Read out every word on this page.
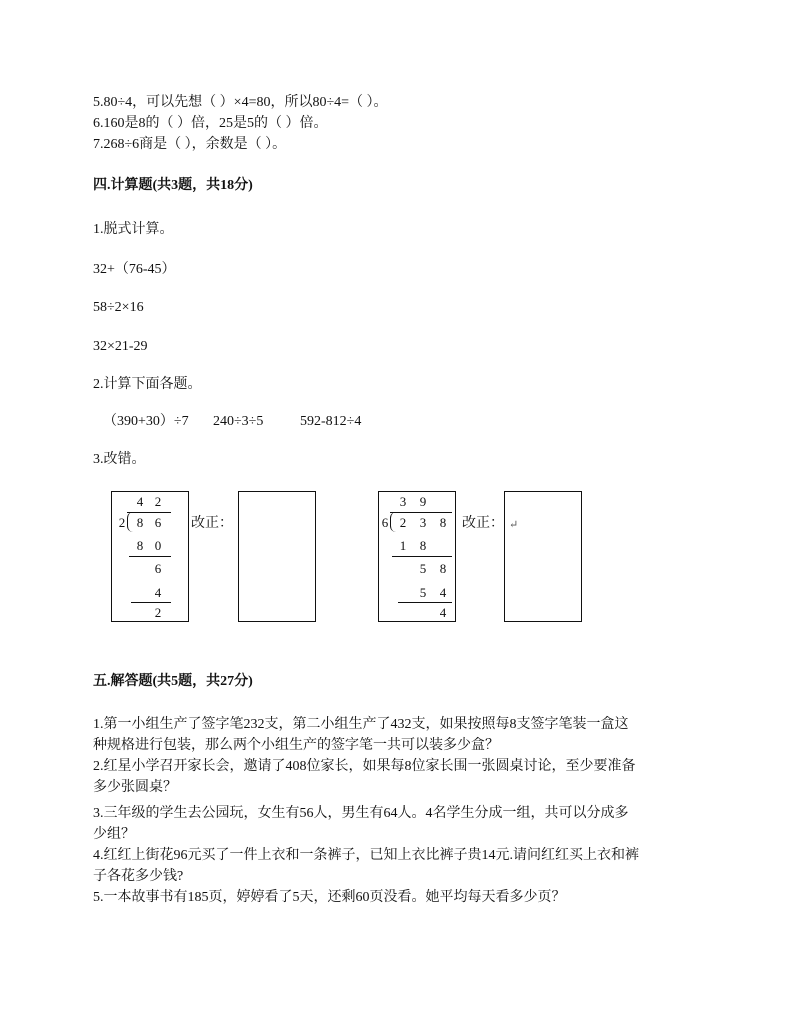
5.80÷4，可以先想（ ）×4=80，所以80÷4=（ ）。
6.160是8的（ ）倍，25是5的（ ）倍。
7.268÷6商是（ ），余数是（ ）。
四.计算题(共3题，共18分)
1.脱式计算。
32+（76-45）
58÷2×16
32×21-29
2.计算下面各题。
（390+30）÷7 240÷3÷5	592-812÷4
3.改错。
4 2
2 8 6
8 0
6
4
2
改正：
3 9
6 2 3 8
1 8
5 8
5 4
4
改正： ↵
五.解答题(共5题，共27分)
1.第一小组生产了签字笔232支，第二小组生产了432支，如果按照每8支签字笔装一盒这
种规格进行包装，那么两个小组生产的签字笔一共可以装多少盒？
2.红星小学召开家长会，邀请了408位家长，如果每8位家长围一张圆桌讨论，至少要准备
多少张圆桌？
3.三年级的学生去公园玩，女生有56人，男生有64人。4名学生分成一组，共可以分成多
少组？
4.红红上街花96元买了一件上衣和一条裤子，已知上衣比裤子贵14元.请问红红买上衣和裤
子各花多少钱?
5.一本故事书有185页，婷婷看了5天，还剩60页没看。她平均每天看多少页？
